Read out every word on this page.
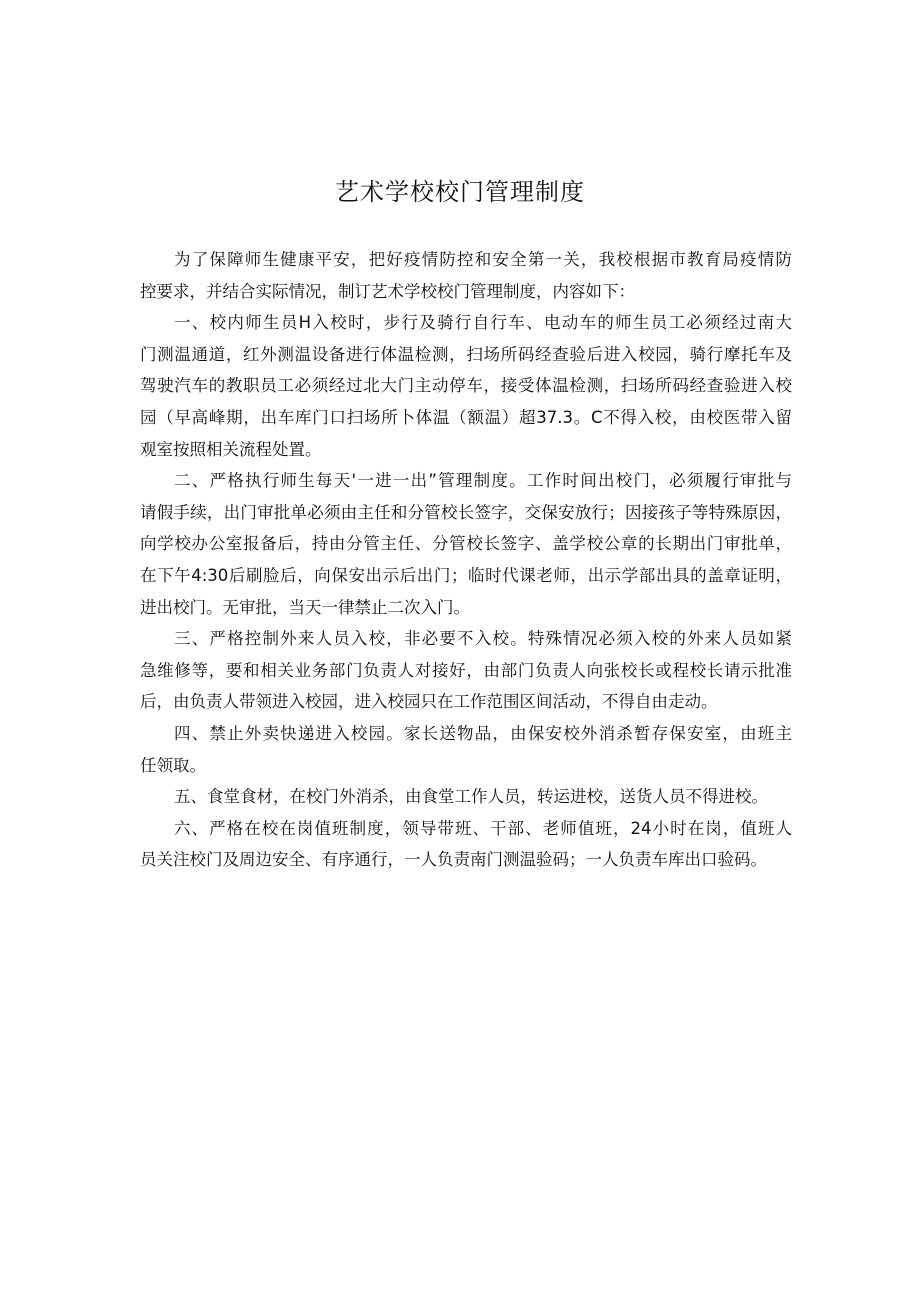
艺术学校校门管理制度
为了保障师生健康平安，把好疫情防控和安全第一关，我校根据市教育局疫情防
控要求，并结合实际情况，制订艺术学校校门管理制度，内容如下：
一、校内师生员H入校时，步行及骑行自行车、电动车的师生员工必须经过南大
门测温通道，红外测温设备进行体温检测，扫场所码经查验后进入校园，骑行摩托车及
驾驶汽车的教职员工必须经过北大门主动停车，接受体温检测，扫场所码经查验进入校
园（早高峰期，出车库门口扫场所卜体温（额温）超37.3。C不得入校，由校医带入留
观室按照相关流程处置。
二、严格执行师生每天'一进一出”管理制度。工作时间出校门，必须履行审批与
请假手续，出门审批单必须由主任和分管校长签字，交保安放行；因接孩子等特殊原因，
向学校办公室报备后，持由分管主任、分管校长签字、盖学校公章的长期出门审批单，
在下午4:30后刷脸后，向保安出示后出门；临时代课老师，出示学部出具的盖章证明，
进出校门。无审批，当天一律禁止二次入门。
三、严格控制外来人员入校，非必要不入校。特殊情况必须入校的外来人员如紧
急维修等，要和相关业务部门负责人对接好，由部门负责人向张校长或程校长请示批准
后，由负责人带领进入校园，进入校园只在工作范围区间活动，不得自由走动。
四、禁止外卖快递进入校园。家长送物品，由保安校外消杀暂存保安室，由班主
任领取。
五、食堂食材，在校门外消杀，由食堂工作人员，转运进校，送货人员不得进校。
六、严格在校在岗值班制度，领导带班、干部、老师值班，24小时在岗，值班人
员关注校门及周边安全、有序通行，一人负责南门测温验码；一人负责车库出口验码。
